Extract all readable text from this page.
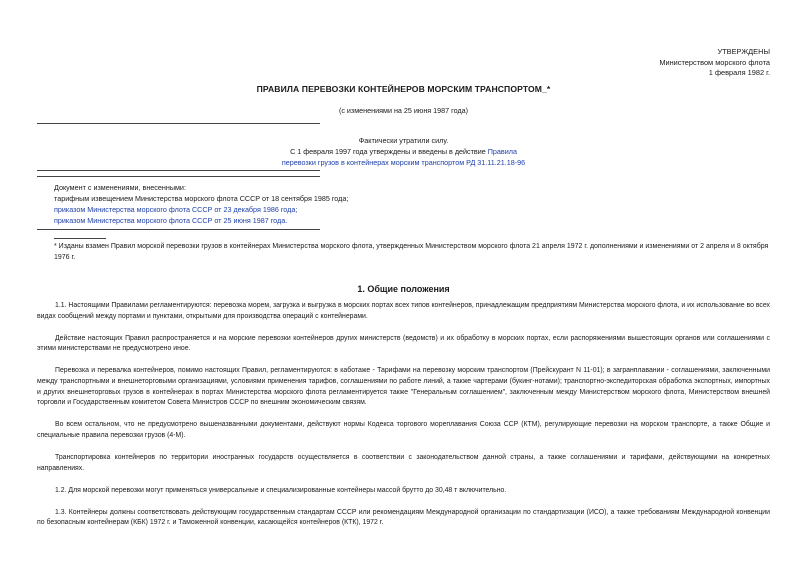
УТВЕРЖДЕНЫ
Министерством морского флота
1 февраля 1982 г.
ПРАВИЛА ПЕРЕВОЗКИ КОНТЕЙНЕРОВ МОРСКИМ ТРАНСПОРТОМ_*
(с изменениями на 25 июня 1987 года)
Фактически утратили силу.
С 1 февраля 1997 года утверждены и введены в действие Правила
перевозки грузов в контейнерах морским транспортом РД 31.11.21.18-96
Документ с изменениями, внесенными:
тарифным извещением Министерства морского флота СССР от 18 сентября 1985 года;
приказом Министерства морского флота СССР от 23 декабря 1986 года;
приказом Министерства морского флота СССР от 25 июня 1987 года.
* Изданы взамен Правил морской перевозки грузов в контейнерах Министерства морского флота, утвержденных Министерством морского флота 21 апреля 1972 г. дополнениями и изменениями от 2 апреля и 8 октября 1976 г.
1. Общие положения

1.1. Настоящими Правилами регламентируются: перевозка морем, загрузка и выгрузка в морских портах всех типов контейнеров, принадлежащим предприятиям Министерства морского флота, и их использование во всех видах сообщений между портами и пунктами, открытыми для производства операций с контейнерами.

Действие настоящих Правил распространяется и на морские перевозки контейнеров других министерств (ведомств) и их обработку в морских портах, если распоряжениями вышестоящих органов или соглашениями с этими министерствами не предусмотрено иное.

Перевозка и перевалка контейнеров, помимо настоящих Правил, регламентируются: в каботаже - Тарифами на перевозку морским транспортом (Прейскурант N 11-01); в загранплавании - соглашениями, заключенными между транспортными и внешнеторговыми организациями, условиями применения тарифов, соглашениями по работе линий, а также чартерами (букинг-нотами); транспортно-экспедиторская обработка экспортных, импортных и других внешнеторговых грузов в контейнерах в портах Министерства морского флота регламентируется также "Генеральным соглашением", заключенным между Министерством морского флота, Министерством внешней торговли и Государственным комитетом Совета Министров СССР по внешним экономическим связям.

Во всем остальном, что не предусмотрено вышеназванными документами, действуют нормы Кодекса торгового мореплавания Союза ССР (КТМ), регулирующие перевозки на морском транспорте, а также Общие и специальные правила перевозки грузов (4-М).

Транспортировка контейнеров по территории иностранных государств осуществляется в соответствии с законодательством данной страны, а также соглашениями и тарифами, действующими на конкретных направлениях.

1.2. Для морской перевозки могут применяться универсальные и специализированные контейнеры массой брутто до 30,48 т включительно.

1.3. Контейнеры должны соответствовать действующим государственным стандартам СССР или рекомендациям Международной организации по стандартизации (ИСО), а также требованиям Международной конвенции по безопасным контейнерам (КБК) 1972 г. и Таможенной конвенции, касающейся контейнеров (КТК), 1972 г.
